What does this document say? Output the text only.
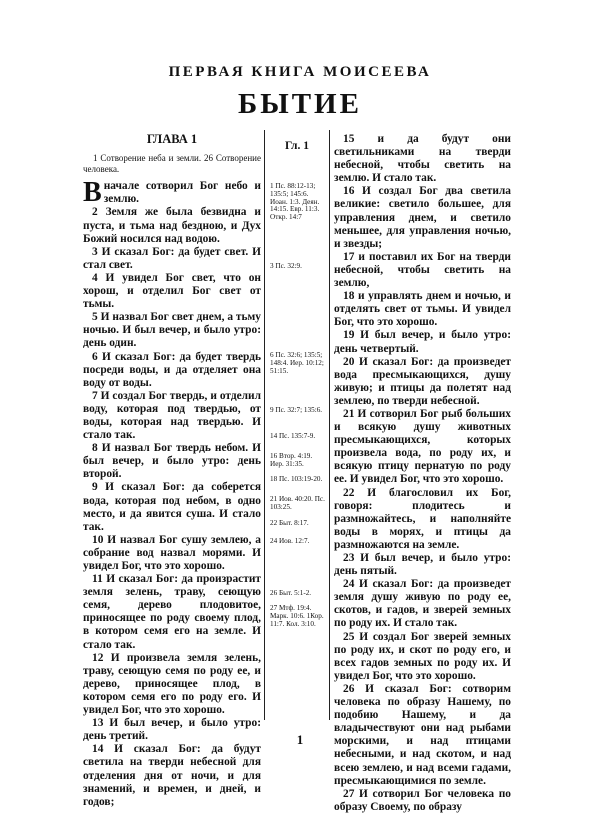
ПЕРВАЯ КНИГА МОИСЕЕВА
БЫТИЕ
ГЛАВА 1

1 Сотворение неба и земли. 26 Сотворение человека.

Вначале сотворил Бог небо и землю.

2 Земля же была безвидна и пуста, и тьма над бездною, и Дух Божий носился над водою.

3 И сказал Бог: да будет свет. И стал свет.

4 И увидел Бог свет, что он хорош, и отделил Бог свет от тьмы.

5 И назвал Бог свет днем, а тьму ночью. И был вечер, и было утро: день один.

6 И сказал Бог: да будет твердь посреди воды, и да отделяет она воду от воды.

7 И создал Бог твердь, и отделил воду, которая под твердью, от воды, которая над твердью. И стало так.

8 И назвал Бог твердь небом. И был вечер, и было утро: день второй.

9 И сказал Бог: да соберется вода, которая под небом, в одно место, и да явится суша. И стало так.

10 И назвал Бог сушу землею, а собрание вод назвал морями. И увидел Бог, что это хорошо.

11 И сказал Бог: да произрастит земля зелень, траву, сеющую семя, дерево плодовитое, приносящее по роду своему плод, в котором семя его на земле. И стало так.

12 И произвела земля зелень, траву, сеющую семя по роду ее, и дерево, приносящее плод, в котором семя его по роду его. И увидел Бог, что это хорошо.

13 И был вечер, и было утро: день третий.

14 И сказал Бог: да будут светила на тверди небесной для отделения дня от ночи, и для знамений, и времен, и дней, и годов;

Гл. 1
1 Пс. 88:12-13; 135:5; 145:6. Иоан. 1:3. Деян. 14:15. Евр. 11:3. Откр. 14:7
3 Пс. 32:9.
6 Пс. 32:6; 135:5; 148:4. Иер. 10:12; 51:15.
9 Пс. 32:7; 135:6.
14 Пс. 135:7-9.
16 Втор. 4:19. Иер. 31:35.
18 Пс. 103:19-20.
21 Иов. 40:20. Пс. 103:25.
22 Быт. 8:17.
24 Иов. 12:7.
26 Быт. 5:1-2.
27 Мтф. 19:4. Марк. 10:6. 1Кор. 11:7. Кол. 3:10.

15 и да будут они светильниками на тверди небесной, чтобы светить на землю. И стало так.

16 И создал Бог два светила великие: светило большее, для управления днем, и светило меньшее, для управления ночью, и звезды;

17 и поставил их Бог на тверди небесной, чтобы светить на землю,

18 и управлять днем и ночью, и отделять свет от тьмы. И увидел Бог, что это хорошо.

19 И был вечер, и было утро: день четвертый.

20 И сказал Бог: да произведет вода пресмыкающихся, душу живую; и птицы да полетят над землею, по тверди небесной.

21 И сотворил Бог рыб больших и всякую душу животных пресмыкающихся, которых произвела вода, по роду их, и всякую птицу пернатую по роду ее. И увидел Бог, что это хорошо.

22 И благословил их Бог, говоря: плодитесь и размножайтесь, и наполняйте воды в морях, и птицы да размножаются на земле.

23 И был вечер, и было утро: день пятый.

24 И сказал Бог: да произведет земля душу живую по роду ее, скотов, и гадов, и зверей земных по роду их. И стало так.

25 И создал Бог зверей земных по роду их, и скот по роду его, и всех гадов земных по роду их. И увидел Бог, что это хорошо.

26 И сказал Бог: сотворим человека по образу Нашему, по подобию Нашему, и да владычествуют они над рыбами морскими, и над птицами небесными, и над скотом, и над всею землею, и над всеми гадами, пресмыкающимися по земле.

27 И сотворил Бог человека по образу Своему, по образу

1
